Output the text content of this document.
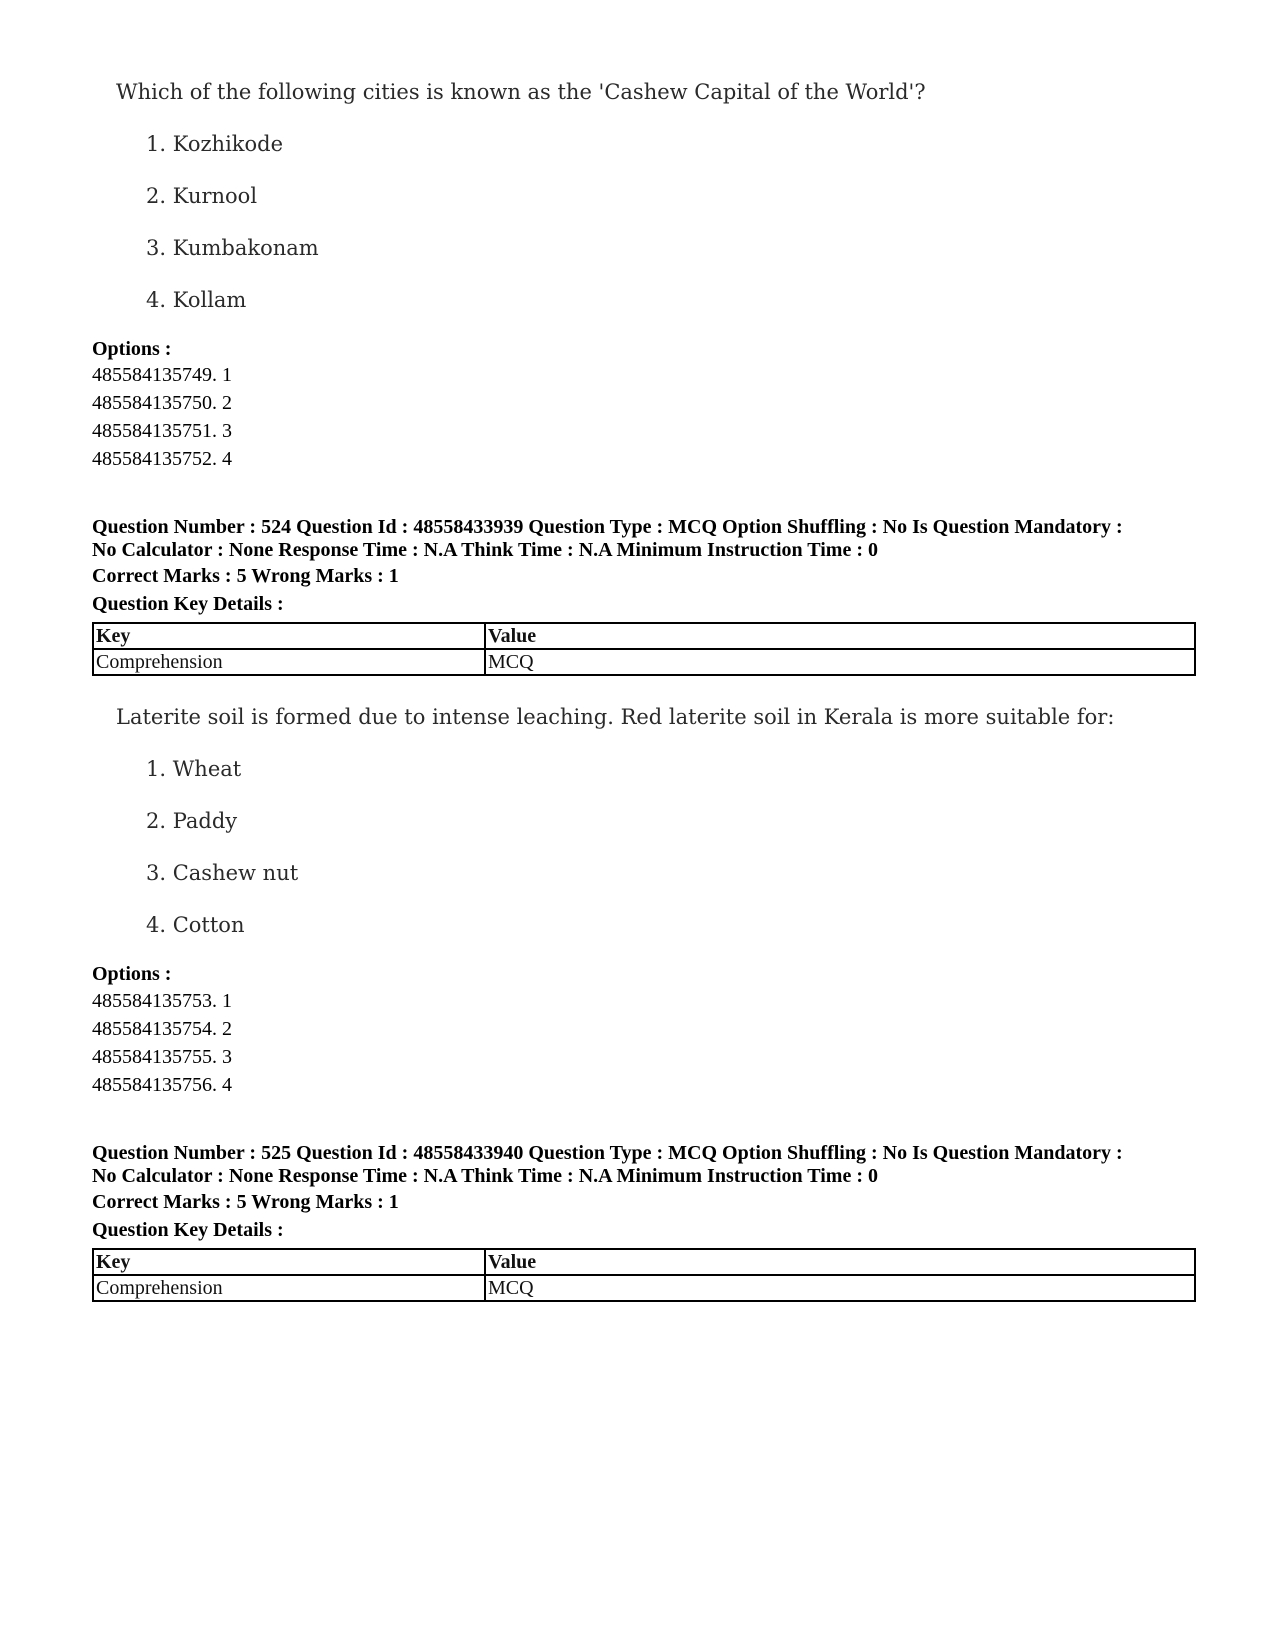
Which of the following cities is known as the 'Cashew Capital of the World'?
1. Kozhikode
2. Kurnool
3. Kumbakonam
4. Kollam
Options :
485584135749. 1
485584135750. 2
485584135751. 3
485584135752. 4
Question Number : 524 Question Id : 48558433939 Question Type : MCQ Option Shuffling : No Is Question Mandatory :
No Calculator : None Response Time : N.A Think Time : N.A Minimum Instruction Time : 0
Correct Marks : 5 Wrong Marks : 1
Question Key Details :
Key	Value
Comprehension	MCQ
Laterite soil is formed due to intense leaching. Red laterite soil in Kerala is more suitable for:
1. Wheat
2. Paddy
3. Cashew nut
4. Cotton
Options :
485584135753. 1
485584135754. 2
485584135755. 3
485584135756. 4
Question Number : 525 Question Id : 48558433940 Question Type : MCQ Option Shuffling : No Is Question Mandatory :
No Calculator : None Response Time : N.A Think Time : N.A Minimum Instruction Time : 0
Correct Marks : 5 Wrong Marks : 1
Question Key Details :
Key	Value
Comprehension	MCQ
